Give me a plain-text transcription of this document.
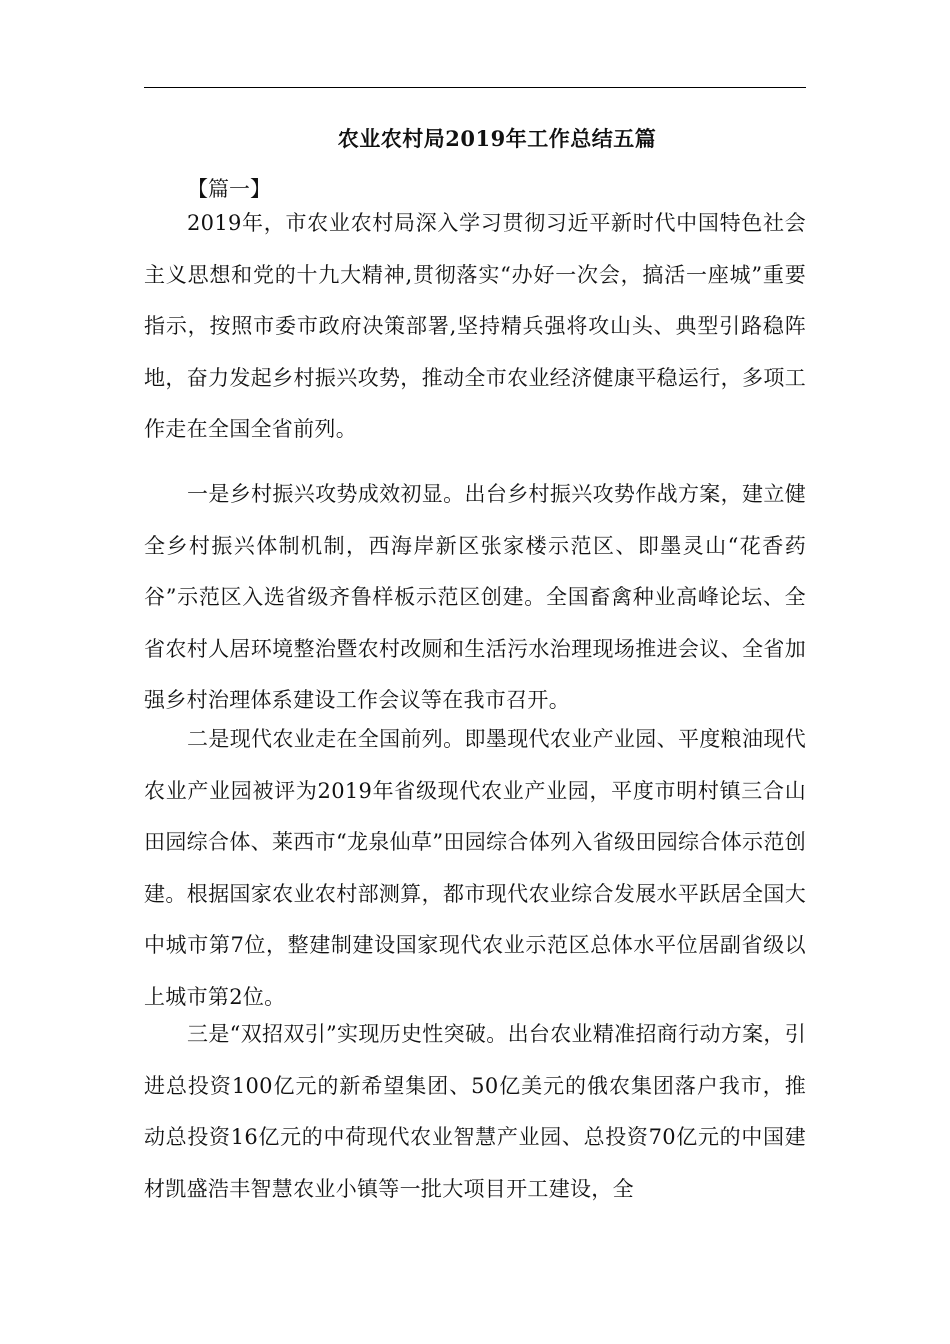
农业农村局2019年工作总结五篇
【篇一】
2019年，市农业农村局深入学习贯彻习近平新时代中国特色社会主义思想和党的十九大精神,贯彻落实“办好一次会，搞活一座城”重要指示，按照市委市政府决策部署,坚持精兵强将攻山头、典型引路稳阵地，奋力发起乡村振兴攻势，推动全市农业经济健康平稳运行，多项工作走在全国全省前列。
一是乡村振兴攻势成效初显。出台乡村振兴攻势作战方案，建立健全乡村振兴体制机制，西海岸新区张家楼示范区、即墨灵山“花香药谷”示范区入选省级齐鲁样板示范区创建。全国畜禽种业高峰论坛、全省农村人居环境整治暨农村改厕和生活污水治理现场推进会议、全省加强乡村治理体系建设工作会议等在我市召开。
二是现代农业走在全国前列。即墨现代农业产业园、平度粮油现代农业产业园被评为2019年省级现代农业产业园，平度市明村镇三合山田园综合体、莱西市“龙泉仙草”田园综合体列入省级田园综合体示范创建。根据国家农业农村部测算，都市现代农业综合发展水平跃居全国大中城市第7位，整建制建设国家现代农业示范区总体水平位居副省级以上城市第2位。
三是“双招双引”实现历史性突破。出台农业精准招商行动方案，引进总投资100亿元的新希望集团、50亿美元的俄农集团落户我市，推动总投资16亿元的中荷现代农业智慧产业园、总投资70亿元的中国建材凯盛浩丰智慧农业小镇等一批大项目开工建设，全
